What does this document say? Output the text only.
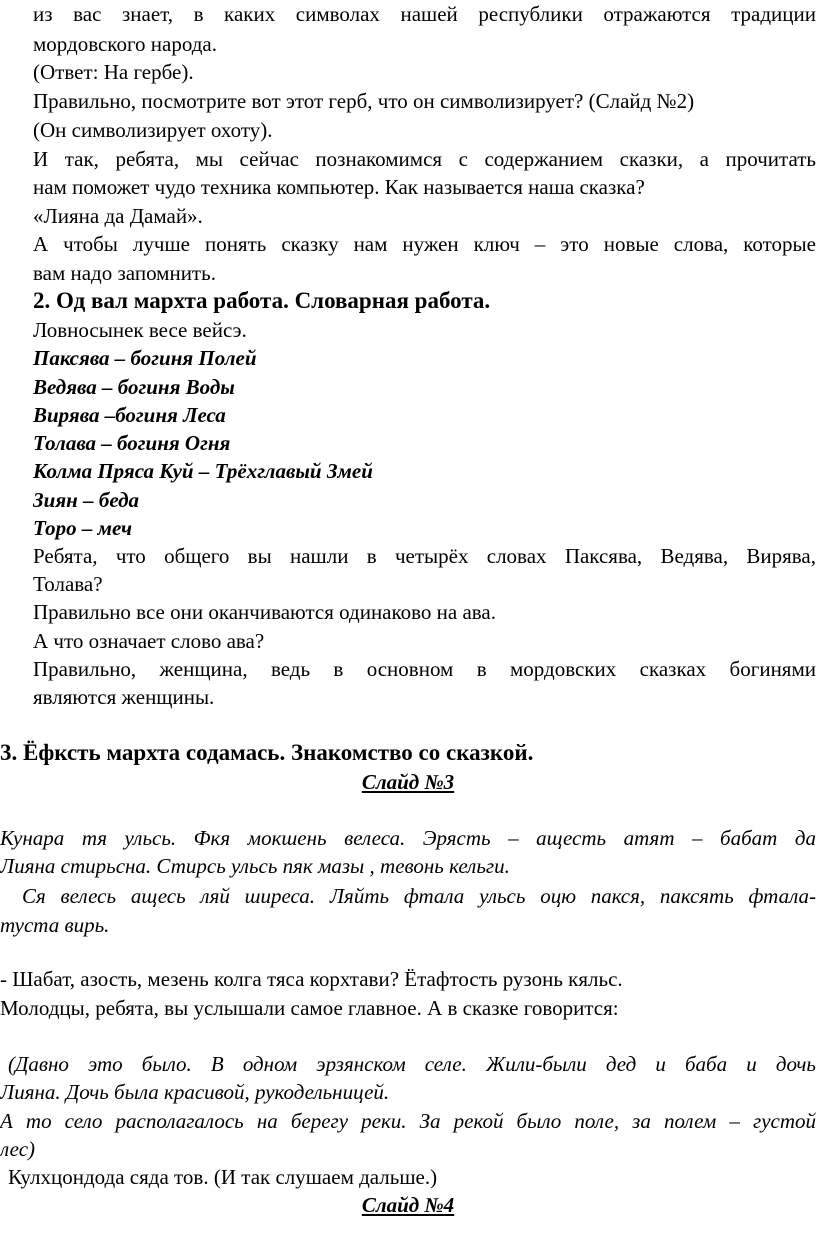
из вас знает, в каких символах нашей республики отражаются традиции
мордовского народа.
(Ответ: На гербе).
Правильно, посмотрите вот этот герб, что он символизирует? (Слайд №2)
(Он символизирует охоту).
И так, ребята, мы сейчас познакомимся с содержанием сказки, а прочитать
нам поможет чудо техника компьютер. Как называется наша сказка?
«Лияна да Дамай».
А чтобы лучше понять сказку нам нужен ключ – это новые слова, которые
вам надо запомнить.
2. Од вал мархта работа. Словарная работа.
Ловносынек весе вейсэ.
Паксява – богиня Полей
Ведява – богиня Воды
Вирява –богиня Леса
Толава – богиня Огня
Колма Пряса Куй – Трёхглавый Змей
Зиян – беда
Торо – меч
Ребята, что общего вы нашли в четырёх словах Паксява, Ведява, Вирява,
Толава?
Правильно все они оканчиваются одинаково на ава.
А что означает слово ава?
Правильно, женщина, ведь в основном в мордовских сказках богинями
являются женщины.
3. Ёфксть мархта содамась. Знакомство со сказкой.
Слайд №3
Кунара тя ульсь. Фкя мокшень велеса. Эрясть – ащесть атят – бабат да
Лияна стирьсна. Стирсь ульсь пяк мазы , тевонь кельги.
Ся велесь ащесь ляй ширеса. Ляйть фтала ульсь оцю пакся, паксять фтала-
туста вирь.
- Шабат, азость, мезень колга тяса корхтави? Ётафтость рузонь кяльс.
Молодцы, ребята, вы услышали самое главное. А в сказке говорится:
(Давно это было. В одном эрзянском селе. Жили-были дед и баба и дочь
Лияна. Дочь была красивой, рукодельницей.
А то село располагалось на берегу реки. За рекой было поле, за полем – густой
лес)
Кулхцондода сяда тов. (И так слушаем дальше.)
Слайд №4
